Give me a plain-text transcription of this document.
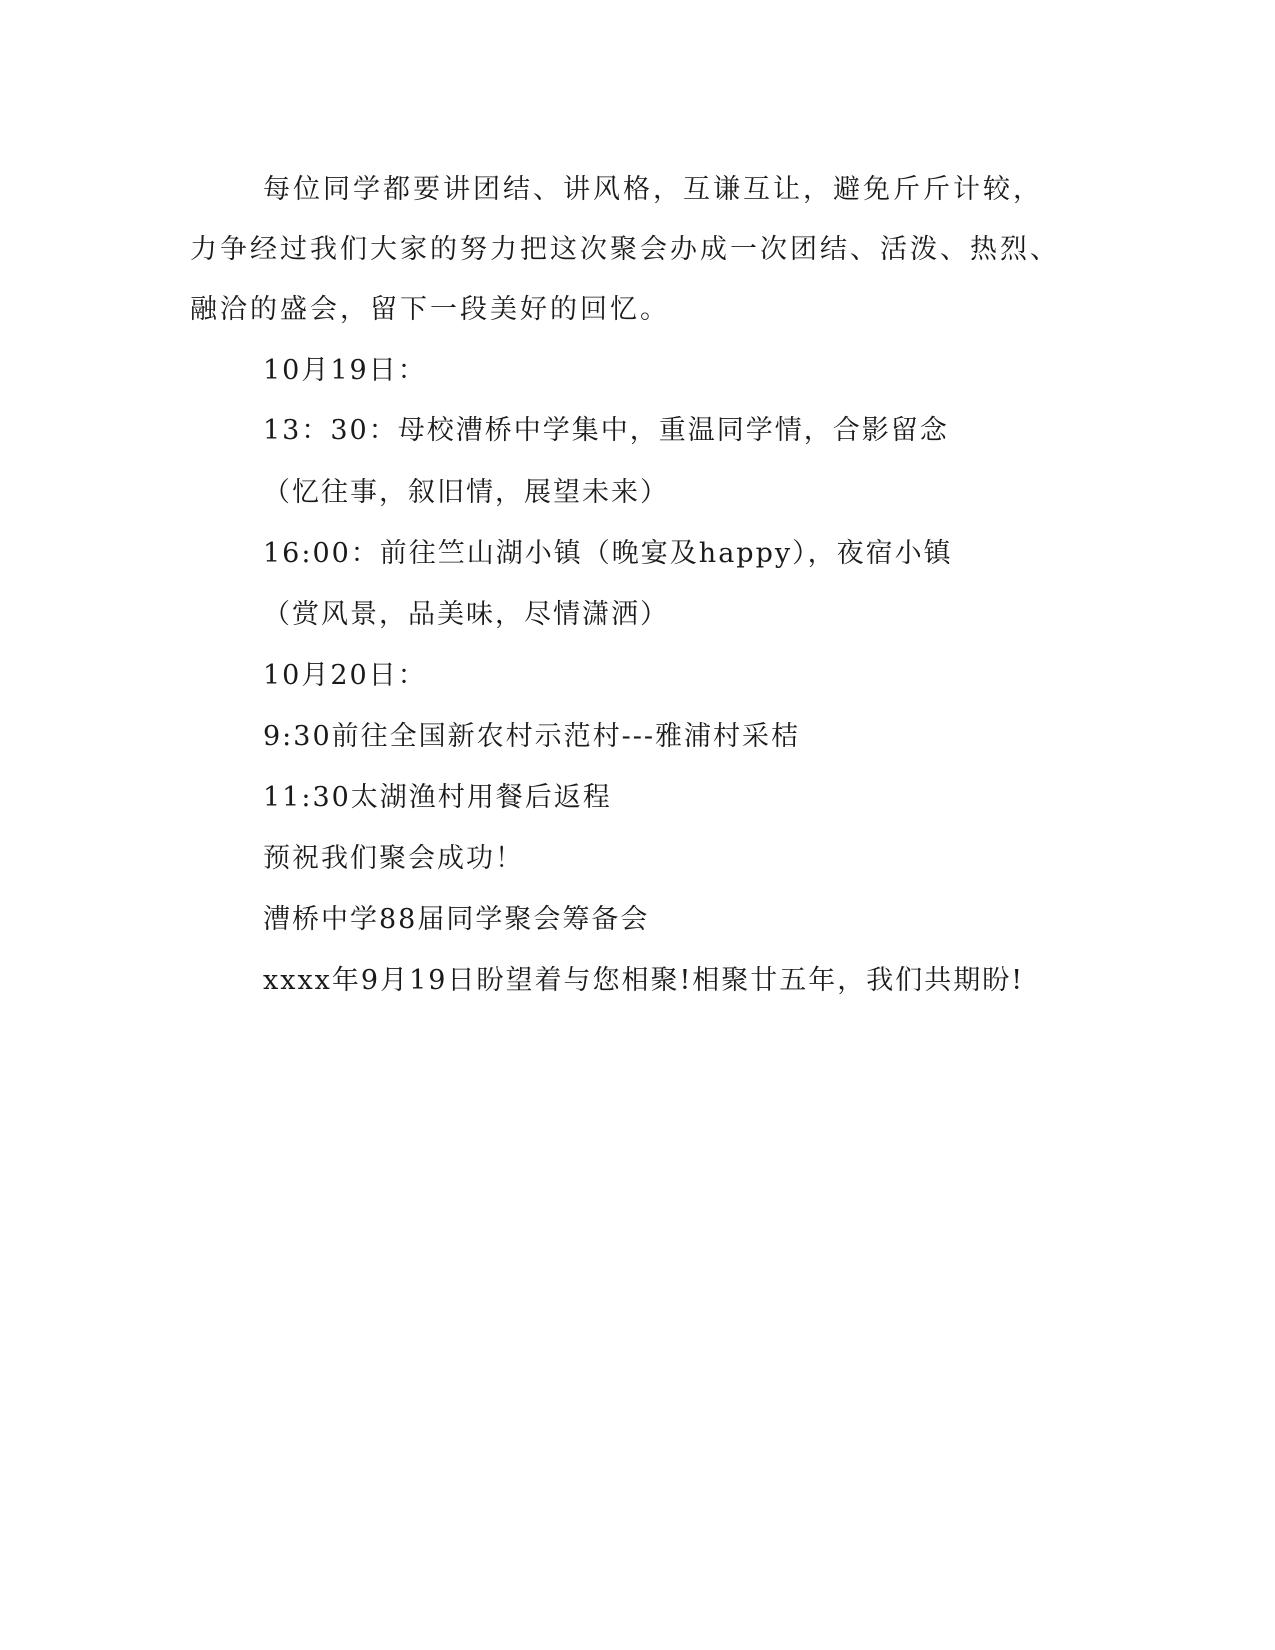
每位同学都要讲团结、讲风格，互谦互让，避免斤斤计较，力争经过我们大家的努力把这次聚会办成一次团结、活泼、热烈、融洽的盛会，留下一段美好的回忆。

10月19日：

13：30：母校漕桥中学集中，重温同学情，合影留念

（忆往事，叙旧情，展望未来）

16:00：前往竺山湖小镇（晚宴及happy），夜宿小镇

（赏风景，品美味，尽情潇洒）

10月20日：

9:30前往全国新农村示范村---雅浦村采桔

11:30太湖渔村用餐后返程

预祝我们聚会成功！

漕桥中学88届同学聚会筹备会

xxxx年9月19日盼望着与您相聚!相聚廿五年，我们共期盼!
